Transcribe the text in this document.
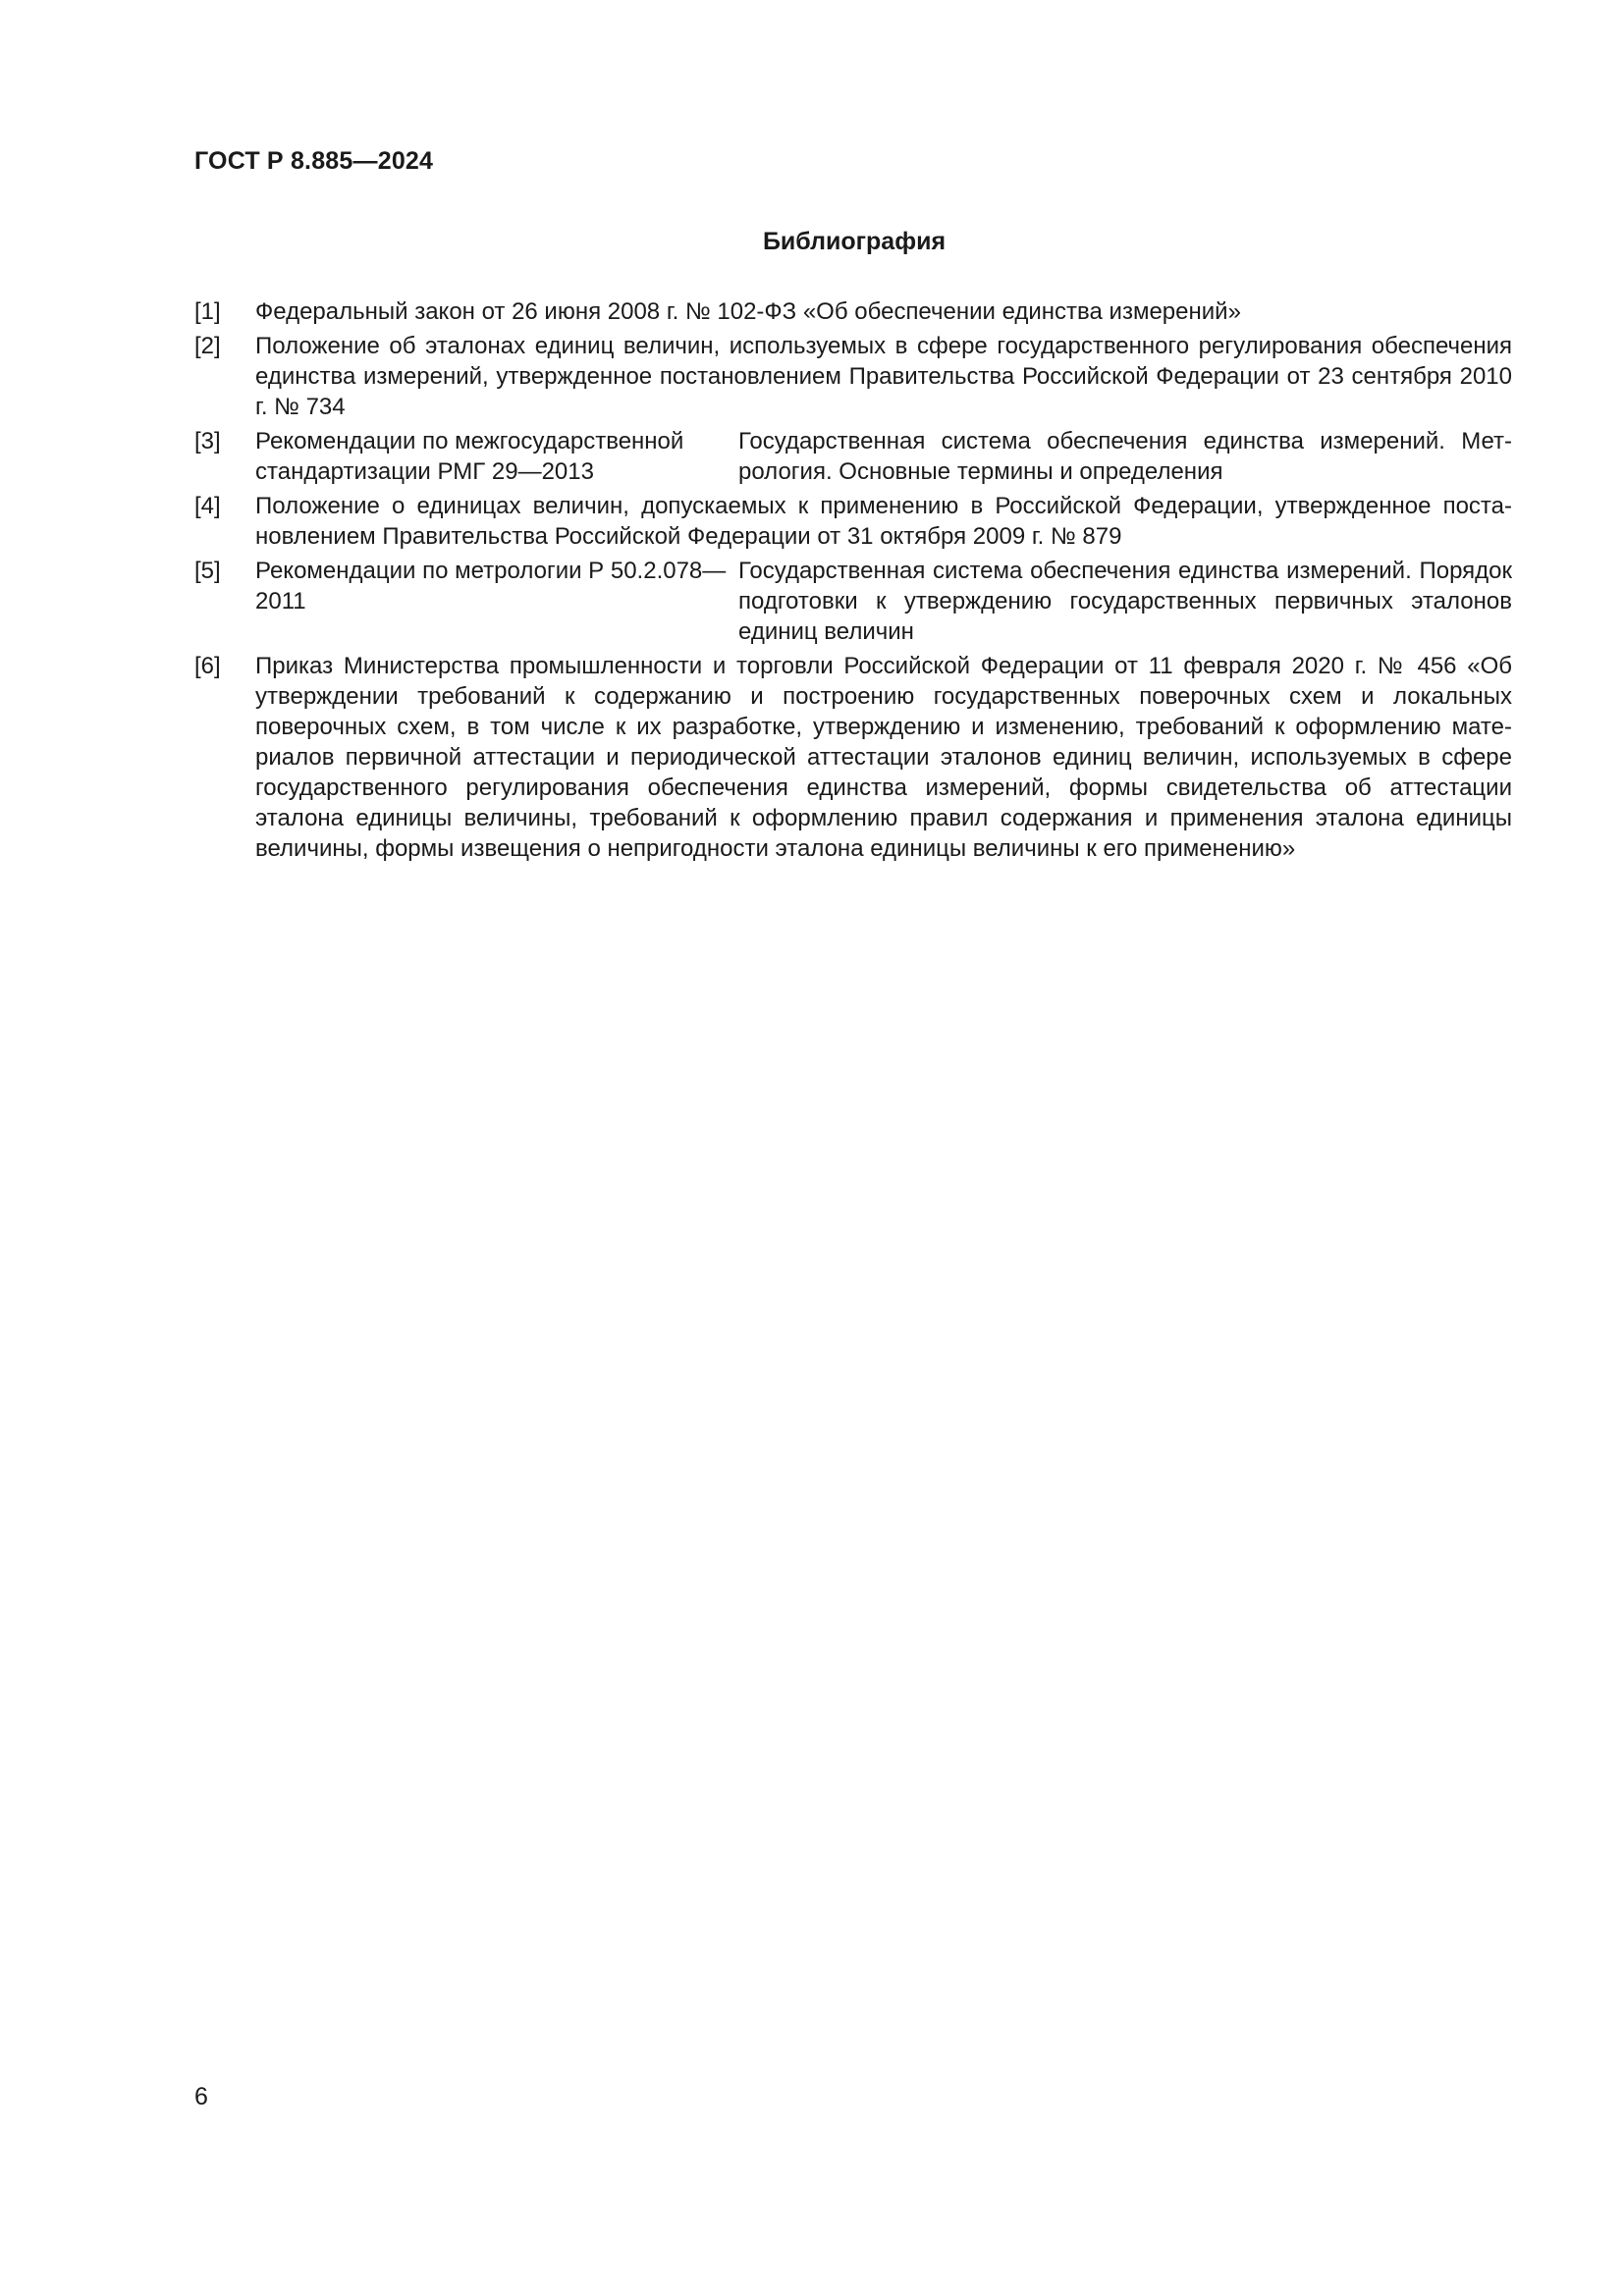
ГОСТ Р 8.885—2024
Библиография
[1] Федеральный закон от 26 июня 2008 г. № 102-ФЗ «Об обеспечении единства измерений»
[2] Положение об эталонах единиц величин, используемых в сфере государственного регулирования обеспечения единства измерений, утвержденное постановлением Правительства Российской Федерации от 23 сентября 2010 г. № 734
[3] Рекомендации по межгосударственной стандартизации РМГ 29—2013
Государственная система обеспечения единства измерений. Метрология. Основные термины и определения
[4] Положение о единицах величин, допускаемых к применению в Российской Федерации, утвержденное постановлением Правительства Российской Федерации от 31 октября 2009 г. № 879
[5] Рекомендации по метрологии Р 50.2.078—2011
Государственная система обеспечения единства измерений. Порядок подготовки к утверждению государственных первичных эталонов единиц величин
[6] Приказ Министерства промышленности и торговли Российской Федерации от 11 февраля 2020 г. № 456 «Об утверждении требований к содержанию и построению государственных поверочных схем и локальных поверочных схем, в том числе к их разработке, утверждению и изменению, требований к оформлению материалов первичной аттестации и периодической аттестации эталонов единиц величин, используемых в сфере государственного регулирования обеспечения единства измерений, формы свидетельства об аттестации эталона единицы величины, требований к оформлению правил содержания и применения эталона единицы величины, формы извещения о непригодности эталона единицы величины к его применению»
6
